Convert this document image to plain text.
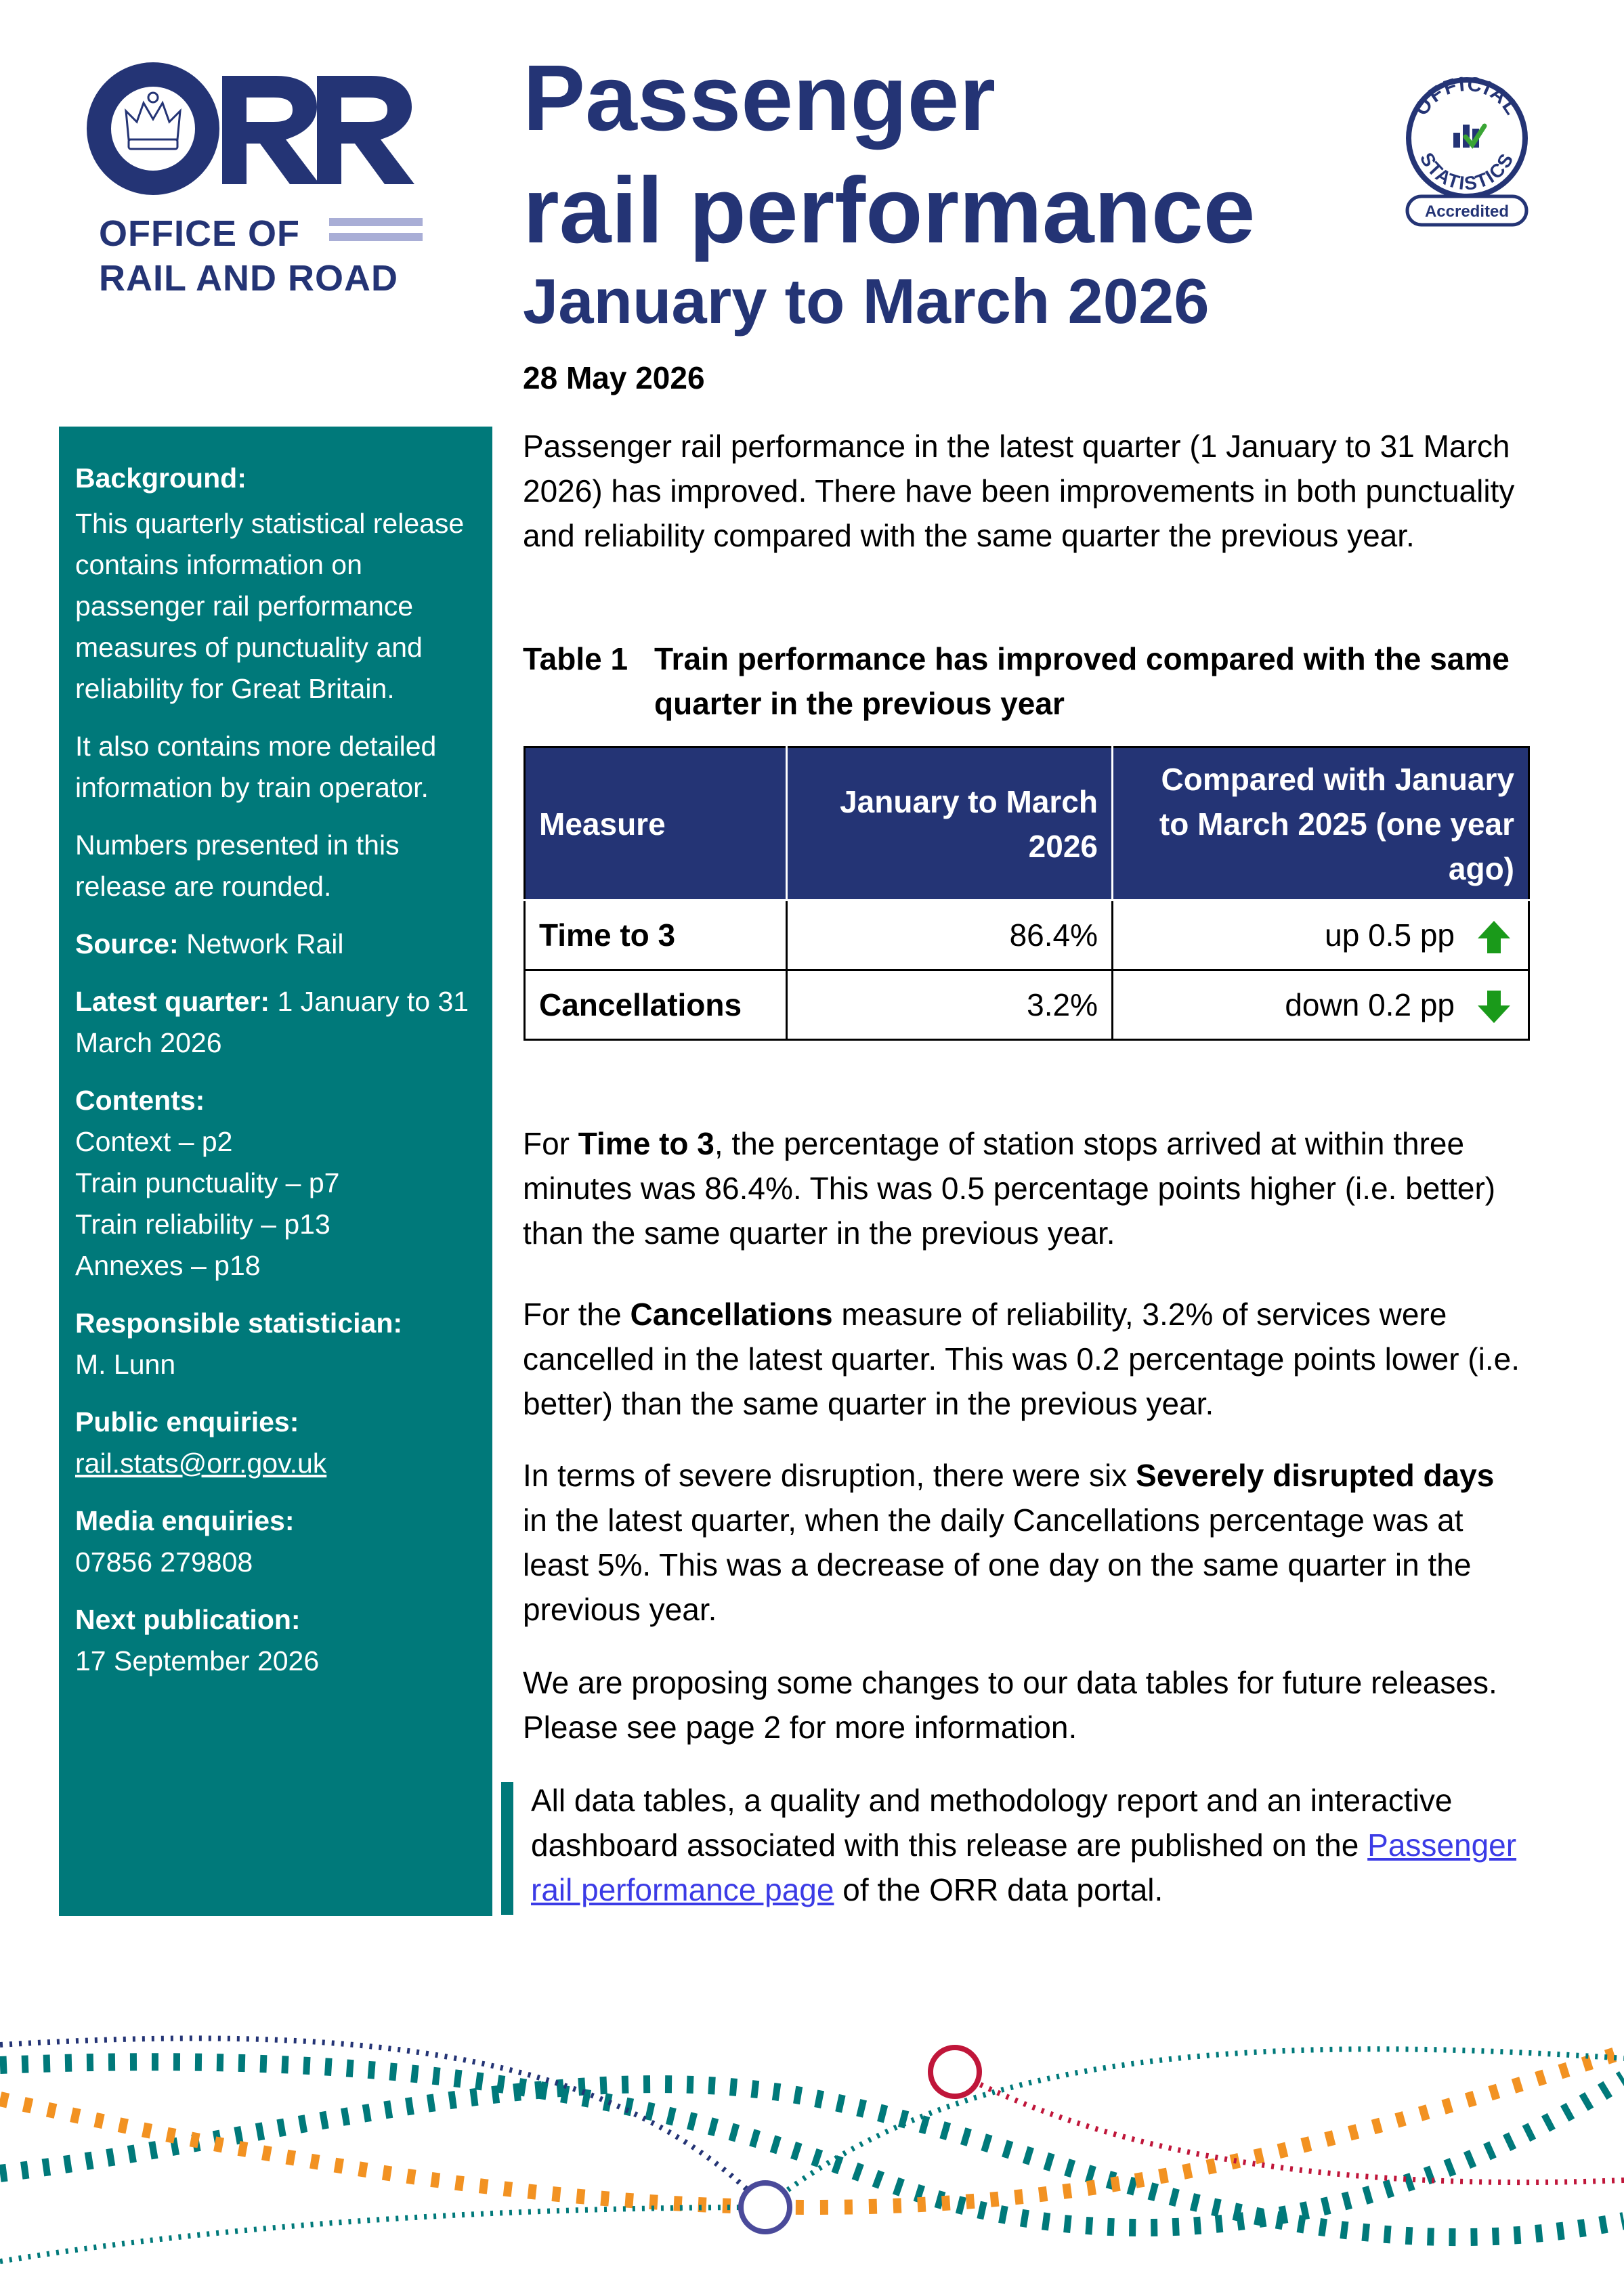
OFFICE OF
RAIL AND ROAD
Passenger
rail performance
January to March 2026
28 May 2026
OFFICIAL
STATISTICS
Accredited
Background:
This quarterly statistical release contains information on passenger rail performance measures of punctuality and reliability for Great Britain.
It also contains more detailed information by train operator.
Numbers presented in this release are rounded.
Source: Network Rail
Latest quarter: 1 January to 31 March 2026
Contents:
Context – p2
Train punctuality – p7
Train reliability – p13
Annexes – p18
Responsible statistician:
M. Lunn
Public enquiries:
rail.stats@orr.gov.uk
Media enquiries:
07856 279808
Next publication:
17 September 2026
Passenger rail performance in the latest quarter (1 January to 31 March 2026) has improved. There have been improvements in both punctuality and reliability compared with the same quarter the previous year.
Table 1 Train performance has improved compared with the same quarter in the previous year
Measure	January to March 2026	Compared with January to March 2025 (one year ago)
Time to 3	86.4%	up 0.5 pp
Cancellations	3.2%	down 0.2 pp
For Time to 3, the percentage of station stops arrived at within three minutes was 86.4%. This was 0.5 percentage points higher (i.e. better) than the same quarter in the previous year.
For the Cancellations measure of reliability, 3.2% of services were cancelled in the latest quarter. This was 0.2 percentage points lower (i.e. better) than the same quarter in the previous year.
In terms of severe disruption, there were six Severely disrupted days in the latest quarter, when the daily Cancellations percentage was at least 5%. This was a decrease of one day on the same quarter in the previous year.
We are proposing some changes to our data tables for future releases. Please see page 2 for more information.
All data tables, a quality and methodology report and an interactive dashboard associated with this release are published on the Passenger rail performance page of the ORR data portal.
